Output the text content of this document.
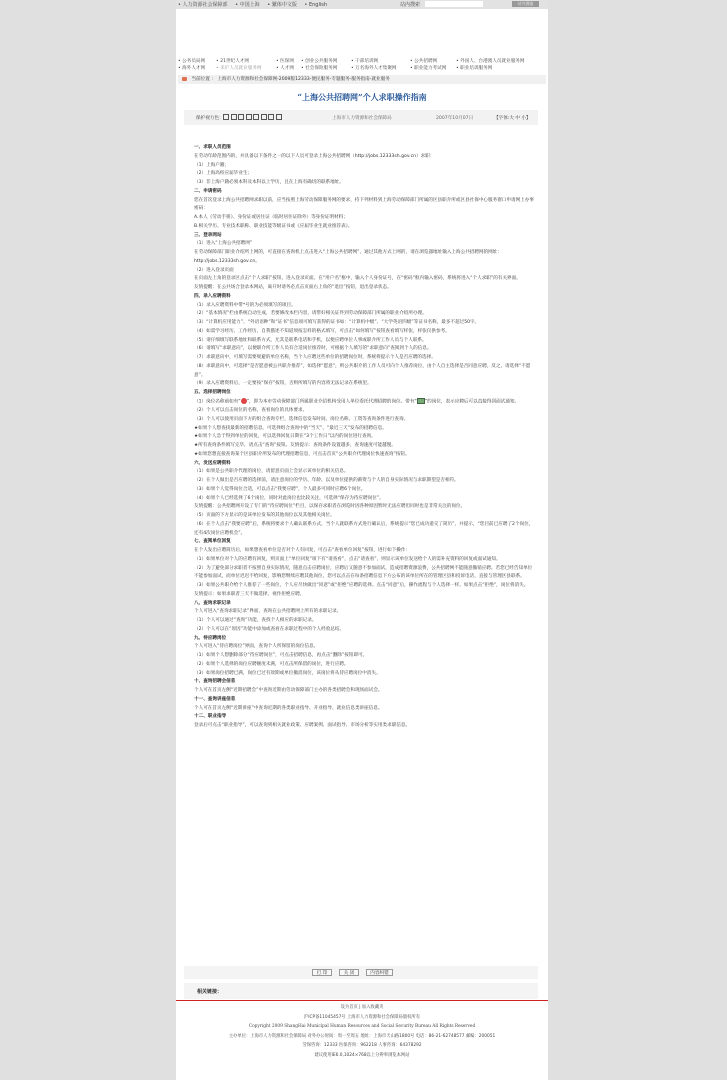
• 人力资源社会保障部 • 中国上海 • 繁体中文版 • English	站内搜索	站内搜索
• 公务员局网 • 21世纪人才网	• 医保网 • 创业公共服务网	• 干部培训网	• 公共招聘网	• 外国人、台港澳人员就业服务网
• 海外人才网 • 来沪人员就业服务网	• 人才网 • 社会保险服务网	• 万名海外人才集聚网	• 职业能力考试网 • 职业培训服务网
当前位置 ： 上海市人力资源和社会保障网-2009版12333-便民服务-专题服务-服务指南-就业服务
“上海公共招聘网”个人求职操作指南
保护视力色：	上海市人力资源和社会保障局	2007年10月07日	【字体:大 中 小】

一、求职人员范围

在劳动年龄范围内的，并具备以下条件之一的以下人员可登录上海公共招聘网（http://jobs.12333sh.gov.cn）求职：

（1）上海户籍；

（2）上海高校应届毕业生；

（3）非上海户籍必须本科及本科以上学历，且在上海有确切的联系地址。

二、申请密码

您在首次登录上海公共招聘网求职以前，应当按照上海劳动保障服务网的要求，持下列材料到上海劳动保障部门所属的区县职介所或区县社保中心服务窗口申请网上办事密码：

A.本人《劳动手册》、身份证或居住证（临时居住证除外）等身份证明材料；

B.相关学历、专业技术职称、职业技能等级证书或《应届毕业生就业推荐表》。

三、登录网站

（1）进入“上海公共招聘网”

在劳动保障部门职业介绍所上网的，可直接在查询机上点击进入“上海公共招聘网”，通过其他方式上网的，请在浏览器地址输入上海公共招聘网的网址：http://jobs.12333sh.gov.cn。

（2）进入登录页面

在页面左上角的登录区点击“个人求职”按钮，进入登录页面。在“用户名”框中，输入个人身份证号，在“密码”框内输入密码，系统将进入“个人求职”的有关界面。

友情提醒：在公共场合登录本网站，离开时请务必点击页面右上角的“退出”按钮，退出登录状态。

四、录入应聘资料

（1）录入应聘资料中带*号的为必须填写的项目。

（2）“基本情况”栏由系统自动生成，若要修改本栏内容，请带好相关证件到劳动保障部门所属的职业介绍所办理。

（3）“计算机应用能力”、“外语语种”和“证书”信息项可填写获得的证书如：“计算机中级”、“大学英语四级”等证书名称，最多不超过50字。

（4）如需学习经历、工作经历、自我描述不知道须按怎样的格式填写，可点击“如何填写”按钮查看填写样张，样张仅供参考。

（5）请仔细填写联系地址和联系方式，尤其是联系电话和手机，以便应聘单位人事或职介所工作人员与个人联系。

（6）请填写“求职意向”，以便职介所工作人员有合适岗位推荐时，可根据个人填写的“求职意向”查阅到个人的信息。

（7）求职意向中，可填写需要规避的单位名称，当个人应聘这些单位的招聘岗位时，系统将提示个人是否应聘的选择。

（8）求职意向中，可选择“是否愿意被公共职介推荐”，如选择“愿意”，则公共职介的工作人员可向个人推荐岗位，由个人自主选择是否同意应聘。反之，请选择“不愿意”。

（9）录入应聘资料后，一定要按“保存”按钮，否则所填写的内容将无法记录在系统里。

五、选择招聘岗位

（1）岗位名称前如有“ ”，即为本市劳动保障部门所属职业介绍机构受用人单位委托代理招聘的岗位。带有“ ”的岗位，表示应聘后可以直接得到面试通知。

（2）个人可以点击岗位的名称，查看岗位的具体要求。

（3）个人可以使用页面下方的组合查询专栏，选择信息发布时间、岗位名称、工资等查询条件进行查询。

★如果个人想查找最新的招聘信息，可选择组合查询中的“当天”、“最近三天”发布的招聘信息。

★如果个人急于得到单位的回复，可以选择回复日期在“3个工作日”以内的岗位进行查询。

★所有查询条件填写完毕，请点击“查询”按钮。友情提示：查询条件设置越多，查询速度可能越慢。

★如果您想直接查询某个区县职介所发布的代理招聘信息，可点击首页“公共职介代理岗位快速查询”按钮。

六、发送应聘资料

（1）如果是公共职介代理的岗位，请留意页面上会显示该单位的相关信息。

（2）在个人做出是否应聘的选择前，请注意岗位的学历、年龄、以及单位提供的薪资与个人的自身实际情况与求职期望是否相符。

（3）如果个人觉得岗位合适，可以点击“我要应聘”，个人最多可同时应聘6个岗位。

（4）如果个人已经选择了6个岗位，同时对此岗位也比较关注，可选择“保存为待应聘岗位”。

友情提醒：公共招聘网开设了专门的“待应聘岗位”栏目，以保存求职者在浏览时因各种原因暂时无法应聘但同时也是非常关注的岗位。

（5）页面的下方显示的是该单位发布的其他岗位以及其他相关岗位。

（6）在个人点击“我要应聘”后，系统将要求个人确认联系方式，当个人就联系方式进行确认后，系统提示“您已成功递交了简历”，并提示，“您目前已应聘了2个岗位，还有4次岗位应聘机会”。

七、查阅单位回复

在个人发出应聘简历后，如果想查看单位是否对个人有回复，可点击“查看单位回复”按钮，进行如下操作：

（1）如果单位对个人的应聘有回复，则页面上“单位回复”项下有“请查看”，点击“请查看”，则显示该单位发送给个人的需补充资料的回复或面试通知。

（2）为了避免部分求职者不按照自身实际情况，随意点击应聘岗位，应聘后又随意不参加面试，造成招聘资源浪费，公共招聘网不能随意撤销应聘。若您已经告知单位不能参加面试，而单位迟迟不给回复，影响您继续应聘其他岗位，您可以点击在每条招聘信息下方公布的该单位所在的管理区县和投诉电话，直接与管理区县联系。

（3）如果公共职介给个人推荐了一些岗位，个人应尽快做出“同意”或“拒绝”应聘的选择。点击“同意”后，操作流程与个人选择一样。如果点击“拒绝”，岗位将消失。

友情提示：如果求职者三天不做选择，视作拒绝应聘。

八、查询求职记录

个人可进入“查询求职记录”界面，查询在公共招聘网上所有的求职记录。

（1）个人可以通过“查询”功能，查找个人相应的求职记录。

（2）个人可以在“原因”功能中添加或查看在求职过程中的个人经验总结。

九、待应聘岗位

个人可进入“待应聘岗位”界面，查询个人所保留的岗位信息。

（1）如果个人想删除部分“待应聘岗位”，可点击招聘信息，再点击“删除”按钮即可。

（2）如果个人选择的岗位应聘额度未满，可点击所保留的岗位，进行应聘。

（3）如果岗位招聘已满，岗位已过有效期或单位撤消岗位，该岗位将从待应聘岗位中消失。

十、查询招聘会信息

个人可在首页左侧“近期招聘会”中查询近期由劳动保障部门主办的各类招聘会和现场面试会。

十一、查询讲座信息

个人可在首页左侧“近期讲座”中查询近期的各类职业指导、开业指导、就业信息类讲座信息。

十二、职业指导

登录后可点击“职业指导”，可以查询到相关就业政策、应聘案例、面试指导、市场分析等实用类求职信息。

打 印	关 闭	内容纠错
相关链接：
设为首页 | 加入收藏夹
沪ICP备11045457号 上海市人力资源和社会保障局版权所有
Copyright 2009 ShangHai Municipal Human Resources and Social Security Bureau All Rights Reserved
主办单位：上海市人力资源和社会保障局 对外办公时间：周一至周五 地址：上海市天山路1800号 电话：86-21-62748577 邮编：200051
劳保咨询：12333 医保咨询：962218 人事咨询：64378292
建议使用IE6.0,1024×768以上分辨率浏览本网站
